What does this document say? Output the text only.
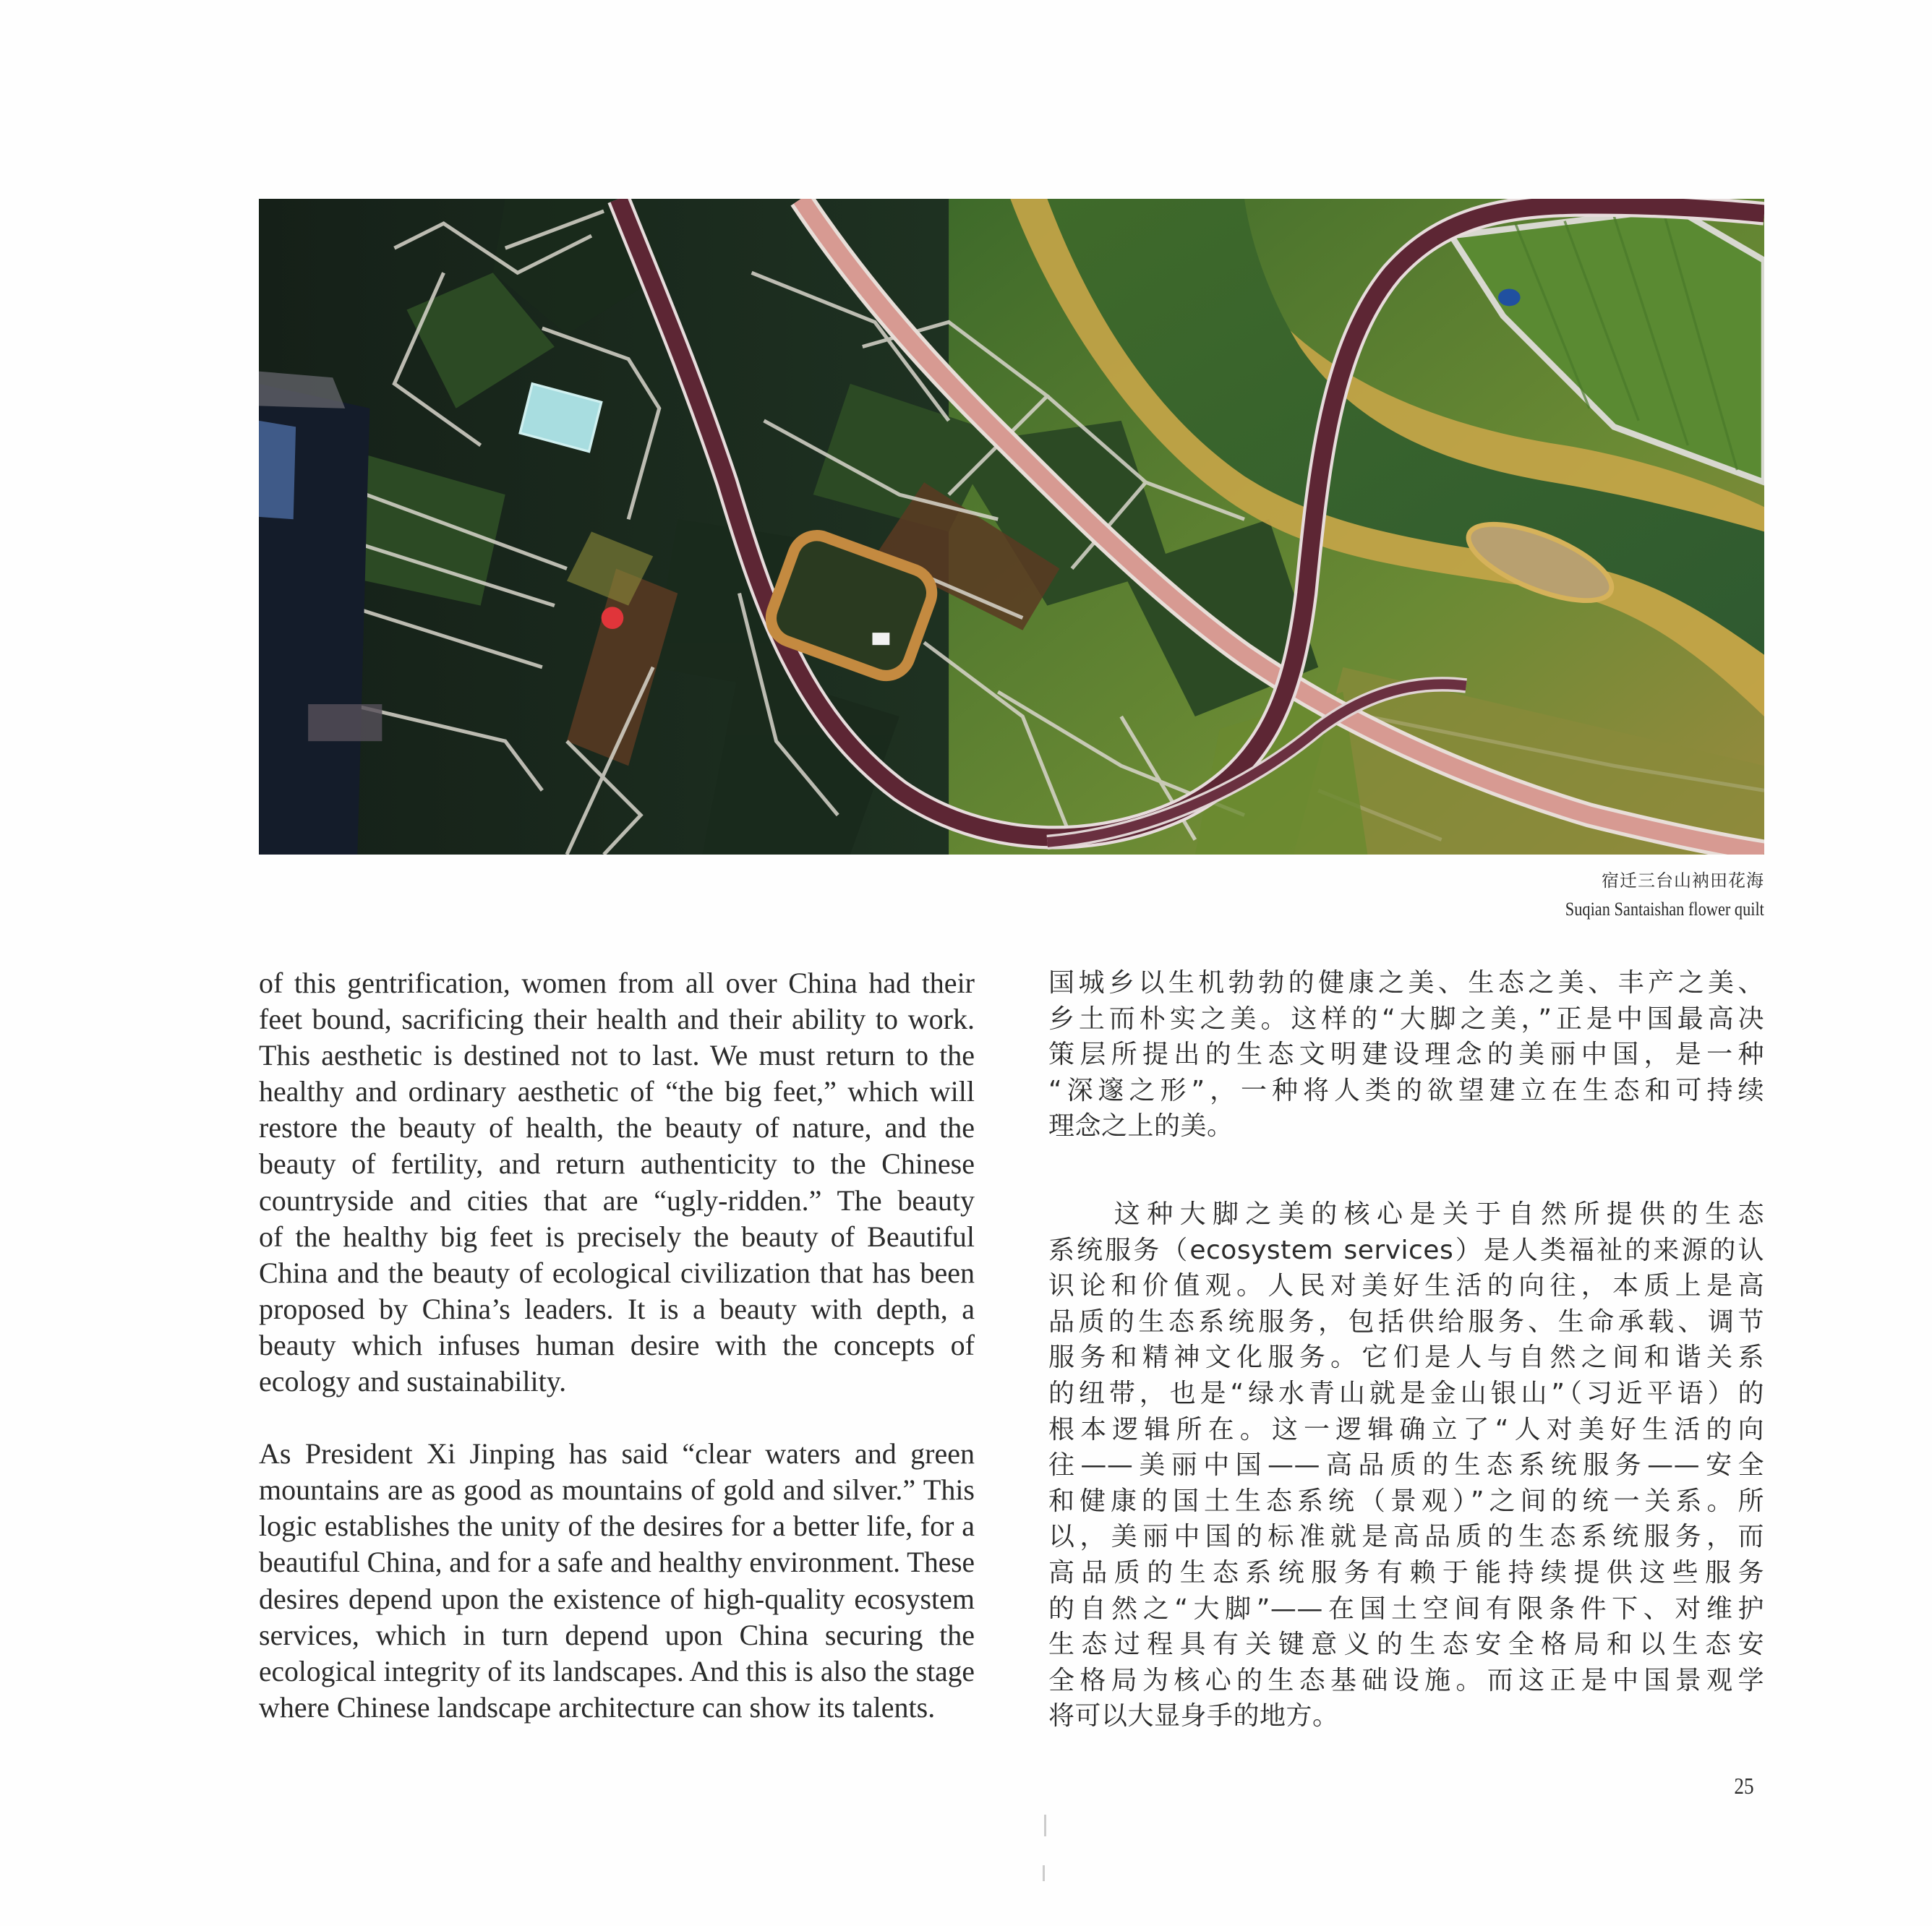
宿迁三台山衲田花海
Suqian Santaishan flower quilt

of this gentrification, women from all over China had their
feet bound, sacrificing their health and their ability to work.
This aesthetic is destined not to last. We must return to the
healthy and ordinary aesthetic of “the big feet,” which will
restore the beauty of health, the beauty of nature, and the
beauty of fertility, and return authenticity to the Chinese
countryside and cities that are “ugly-ridden.” The beauty
of the healthy big feet is precisely the beauty of Beautiful
China and the beauty of ecological civilization that has been
proposed by China’s leaders. It is a beauty with depth, a
beauty which infuses human desire with the concepts of
ecology and sustainability.

As President Xi Jinping has said “clear waters and green
mountains are as good as mountains of gold and silver.” This
logic establishes the unity of the desires for a better life, for a
beautiful China, and for a safe and healthy environment. These
desires depend upon the existence of high-quality ecosystem
services, which in turn depend upon China securing the
ecological integrity of its landscapes. And this is also the stage
where Chinese landscape architecture can show its talents.

国城乡以生机勃勃的健康之美、生态之美、丰产之美、
乡土而朴实之美。这样的“大脚之美，”正是中国最高决
策层所提出的生态文明建设理念的美丽中国，是一种
“深邃之形”，一种将人类的欲望建立在生态和可持续
理念之上的美。

　　这种大脚之美的核心是关于自然所提供的生态
系统服务（ecosystem services）是人类福祉的来源的认
识论和价值观。人民对美好生活的向往，本质上是高
品质的生态系统服务，包括供给服务、生命承载、调节
服务和精神文化服务。它们是人与自然之间和谐关系
的纽带，也是“绿水青山就是金山银山”（习近平语）的
根本逻辑所在。这一逻辑确立了“人对美好生活的向
往——美丽中国——高品质的生态系统服务——安全
和健康的国土生态系统（景观）”之间的统一关系。所
以，美丽中国的标准就是高品质的生态系统服务，而
高品质的生态系统服务有赖于能持续提供这些服务
的自然之“大脚”——在国土空间有限条件下、对维护
生态过程具有关键意义的生态安全格局和以生态安
全格局为核心的生态基础设施。而这正是中国景观学
将可以大显身手的地方。

25
